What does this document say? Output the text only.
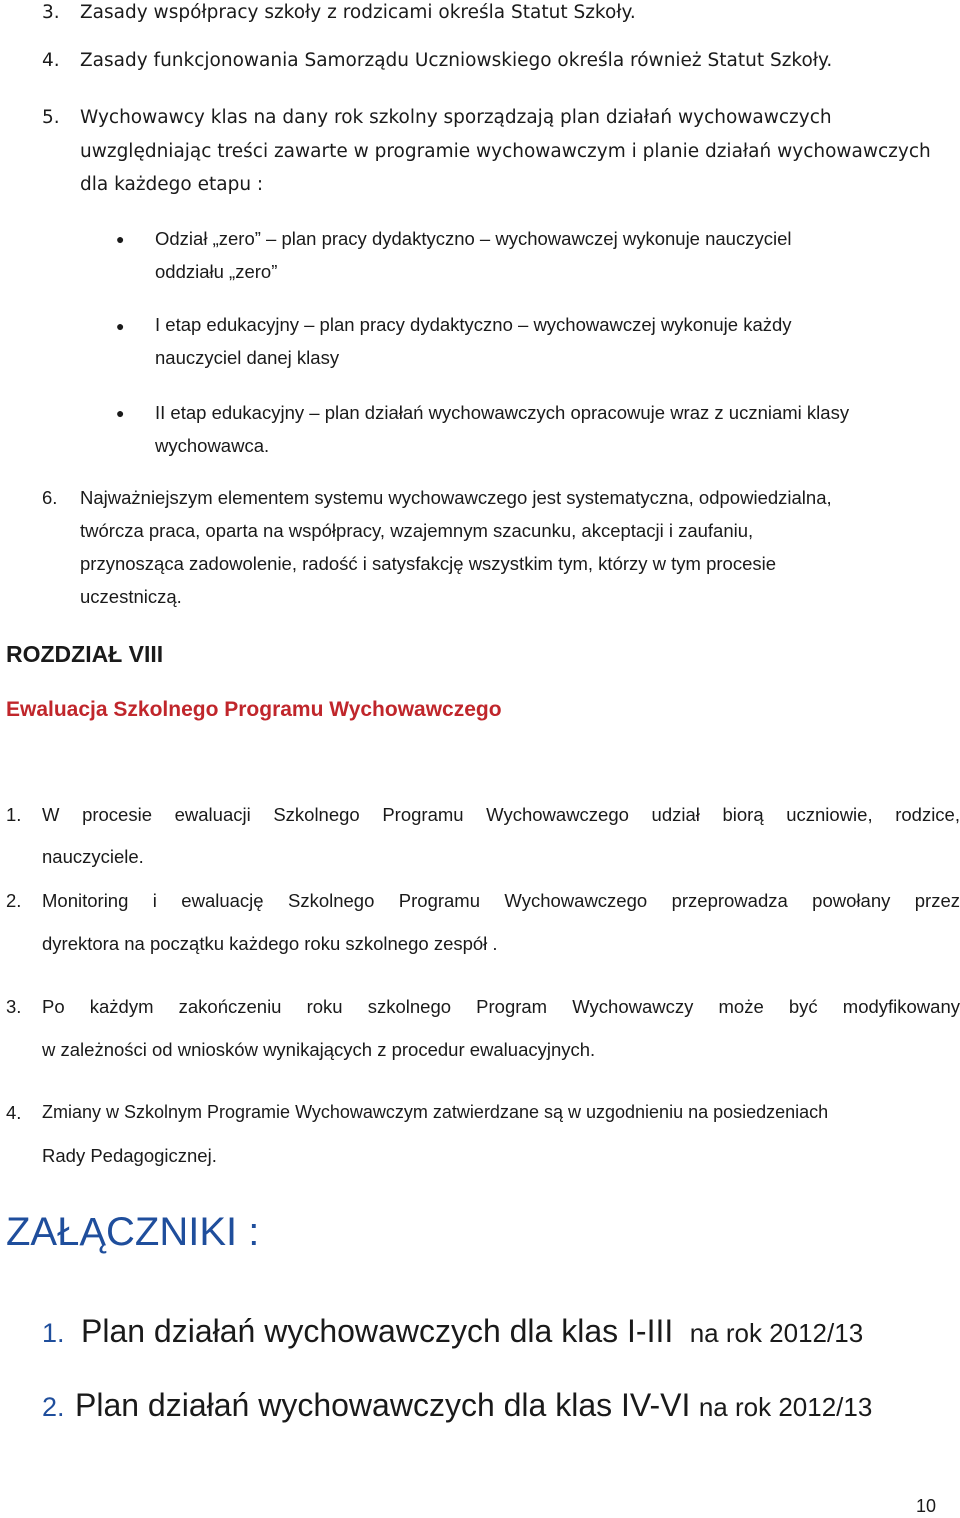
3. Zasady współpracy szkoły z rodzicami określa Statut Szkoły.
4. Zasady funkcjonowania Samorządu Uczniowskiego określa również Statut Szkoły.
5. Wychowawcy klas na dany rok szkolny sporządzają plan działań wychowawczych
uwzględniając treści zawarte w programie wychowawczym i planie działań wychowawczych
dla każdego etapu :
● Odział „zero” – plan pracy dydaktyczno – wychowawczej wykonuje nauczyciel
oddziału „zero”
● I etap edukacyjny – plan pracy dydaktyczno – wychowawczej wykonuje każdy
nauczyciel danej klasy
● II etap edukacyjny – plan działań wychowawczych opracowuje wraz z uczniami klasy
wychowawca.
6. Najważniejszym elementem systemu wychowawczego jest systematyczna, odpowiedzialna,
twórcza praca, oparta na współpracy, wzajemnym szacunku, akceptacji i zaufaniu,
przynosząca zadowolenie, radość i satysfakcję wszystkim tym, którzy w tym procesie
uczestniczą.
ROZDZIAŁ VIII
Ewaluacja Szkolnego Programu Wychowawczego
1. W procesie ewaluacji Szkolnego Programu Wychowawczego udział biorą uczniowie, rodzice,
nauczyciele.
2. Monitoring i ewaluację Szkolnego Programu Wychowawczego przeprowadza powołany przez
dyrektora na początku każdego roku szkolnego zespół .
3. Po każdym zakończeniu roku szkolnego Program Wychowawczy może być modyfikowany
w zależności od wniosków wynikających z procedur ewaluacyjnych.
4. Zmiany w Szkolnym Programie Wychowawczym zatwierdzane są w uzgodnieniu na posiedzeniach
Rady Pedagogicznej.
ZAŁĄCZNIKI :
1. Plan działań wychowawczych dla klas I-III na rok 2012/13
2. Plan działań wychowawczych dla klas IV-VI na rok 2012/13
10
